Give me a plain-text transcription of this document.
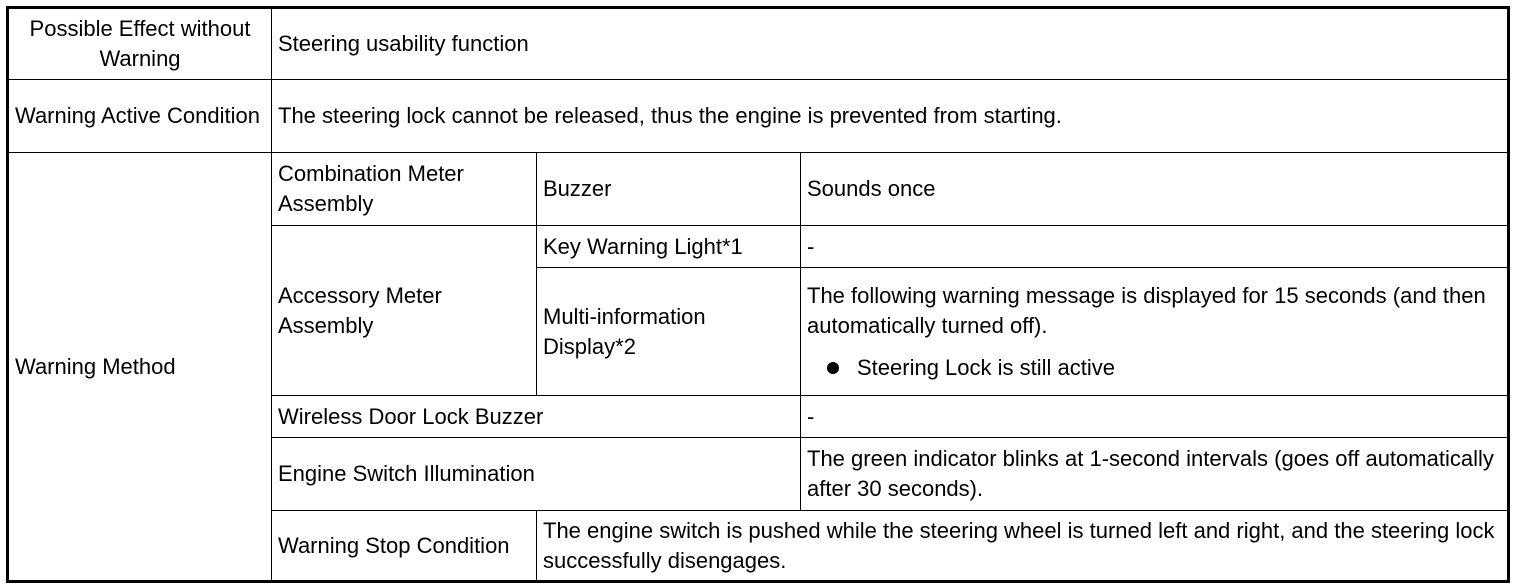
Possible Effect without Warning	Steering usability function		
Warning Active Condition	The steering lock cannot be released, thus the engine is prevented from starting.		
Warning Method	Combination Meter Assembly	Buzzer	Sounds once
	Accessory Meter Assembly	Key Warning Light*1	-
		Multi-information Display*2	The following warning message is displayed for 15 seconds (and then automatically turned off).
Steering Lock is still active

	Wireless Door Lock Buzzer		-
	Engine Switch Illumination		The green indicator blinks at 1-second intervals (goes off automatically after 30 seconds).
	Warning Stop Condition	The engine switch is pushed while the steering wheel is turned left and right, and the steering lock successfully disengages.	
